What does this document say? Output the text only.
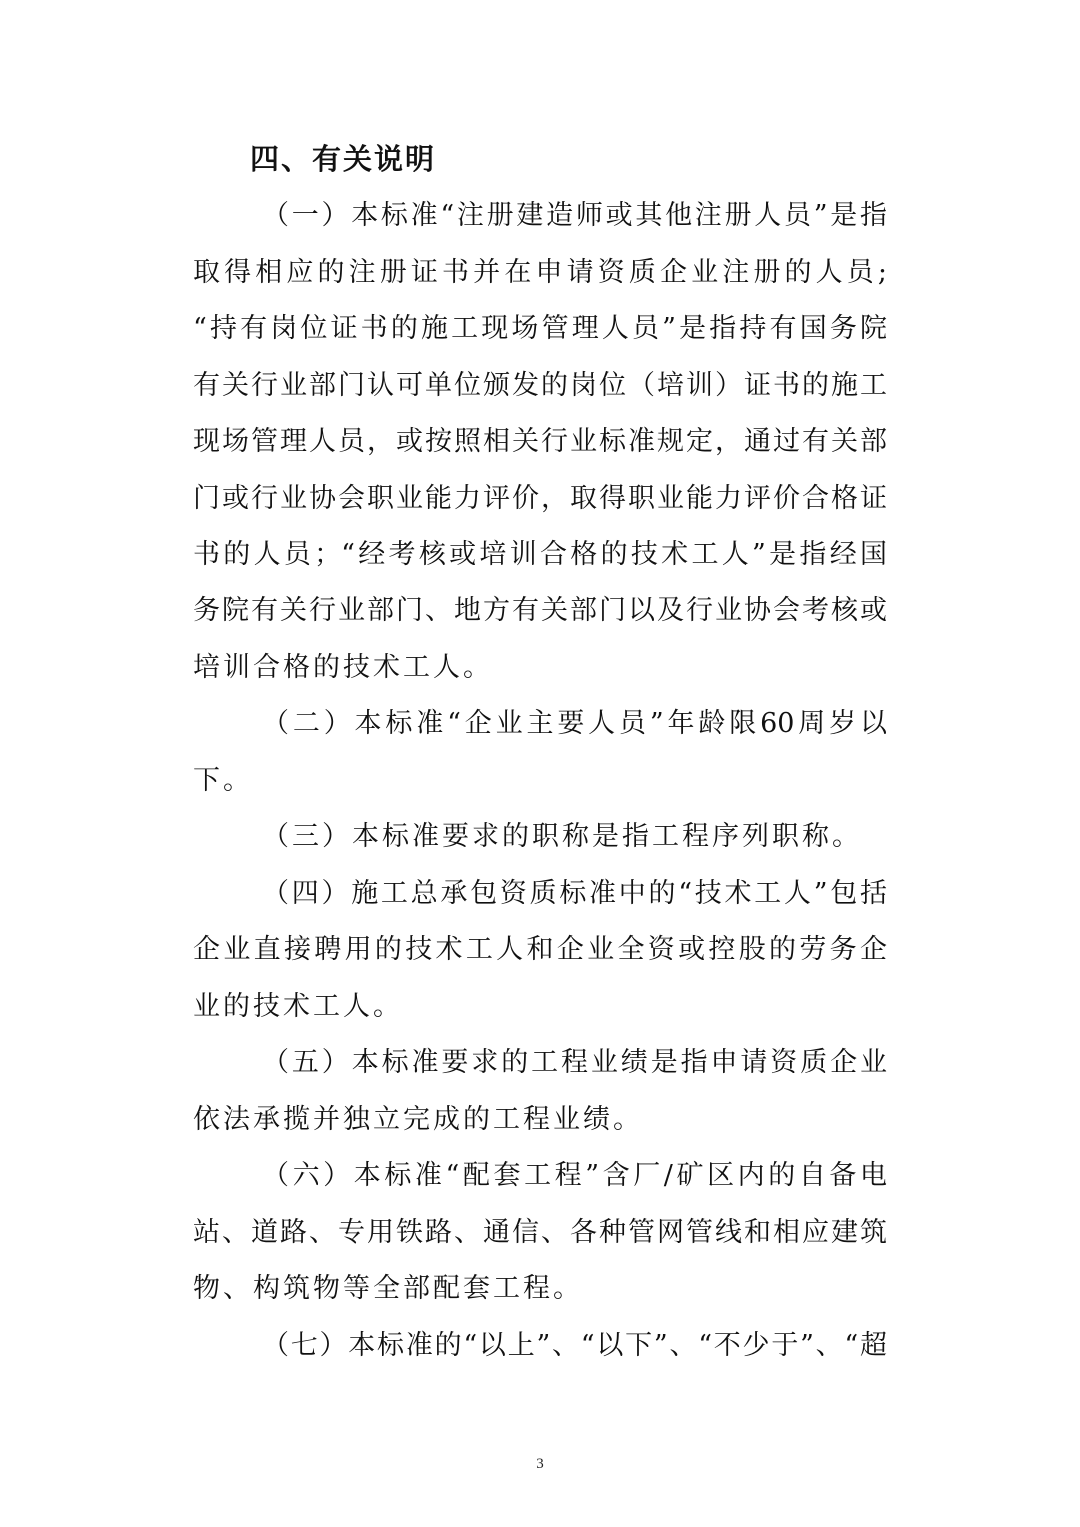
四、有关说明
（一）本标准“注册建造师或其他注册人员”是指
取得相应的注册证书并在申请资质企业注册的人员;
“持有岗位证书的施工现场管理人员”是指持有国务院
有关行业部门认可单位颁发的岗位（培训）证书的施工
现场管理人员，或按照相关行业标准规定，通过有关部
门或行业协会职业能力评价，取得职业能力评价合格证
书的人员；“经考核或培训合格的技术工人”是指经国
务院有关行业部门、地方有关部门以及行业协会考核或
培训合格的技术工人。
（二）本标准“企业主要人员”年龄限60周岁以
下。
（三）本标准要求的职称是指工程序列职称。
（四）施工总承包资质标准中的“技术工人”包括
企业直接聘用的技术工人和企业全资或控股的劳务企
业的技术工人。
（五）本标准要求的工程业绩是指申请资质企业
依法承揽并独立完成的工程业绩。
（六）本标准“配套工程”含厂/矿区内的自备电
站、道路、专用铁路、通信、各种管网管线和相应建筑
物、构筑物等全部配套工程。
（七）本标准的“以上”、“以下”、“不少于”、“超
3
